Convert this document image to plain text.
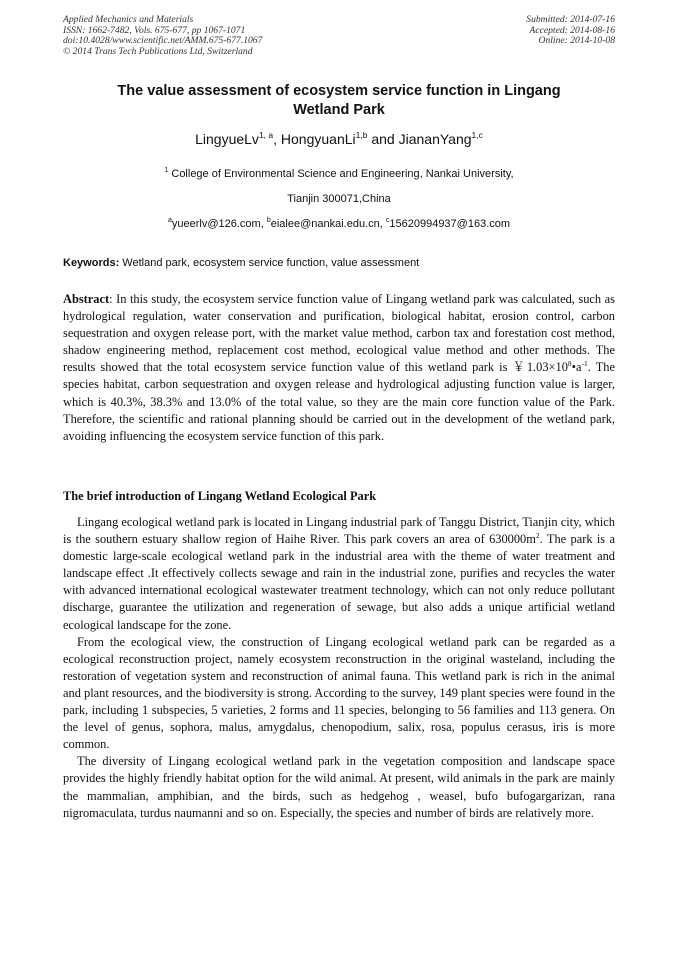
Applied Mechanics and Materials
ISSN: 1662-7482, Vols. 675-677, pp 1067-1071
doi:10.4028/www.scientific.net/AMM.675-677.1067
© 2014 Trans Tech Publications Ltd, Switzerland
Submitted: 2014-07-16
Accepted: 2014-08-16
Online: 2014-10-08
The value assessment of ecosystem service function in Lingang
Wetland Park
LingyueLv$^{1, a}$, HongyuanLi$^{1,b}$ and JiananYang$^{1,c}$
$^1$ College of Environmental Science and Engineering, Nankai University,
Tianjin 300071,China
$^a$yueerlv@126.com, $^b$eialee@nankai.edu.cn, $^c$15620994937@163.com
Keywords: Wetland park, ecosystem service function, value assessment

Abstract: In this study, the ecosystem service function value of Lingang wetland park was calculated, such as hydrological regulation, water conservation and purification, biological habitat, erosion control, carbon sequestration and oxygen release port, with the market value method, carbon tax and forestation cost method, shadow engineering method, replacement cost method, ecological value method and other methods. The results showed that the total ecosystem service function value of this wetland park is ￥$1.03\times 10^8•a^{-1}$. The species habitat, carbon sequestration and oxygen release and hydrological adjusting function value is larger, which is 40.3%, 38.3% and 13.0% of the total value, so they are the main core function value of the Park. Therefore, the scientific and rational planning should be carried out in the development of the wetland park, avoiding influencing the ecosystem service function of this park.

The brief introduction of Lingang Wetland Ecological Park

Lingang ecological wetland park is located in Lingang industrial park of Tanggu District, Tianjin city, which is the southern estuary shallow region of Haihe River. This park covers an area of $630000m^2$. The park is a domestic large-scale ecological wetland park in the industrial area with the theme of water treatment and landscape effect .It effectively collects sewage and rain in the industrial zone, purifies and recycles the water with advanced international ecological wastewater treatment technology, which can not only reduce pollutant discharge, guarantee the utilization and regeneration of sewage, but also adds a unique artificial wetland ecological landscape for the zone.

From the ecological view, the construction of Lingang ecological wetland park can be regarded as a ecological reconstruction project, namely ecosystem reconstruction in the original wasteland, including the restoration of vegetation system and reconstruction of animal fauna. This wetland park is rich in the animal and plant resources, and the biodiversity is strong. According to the survey, 149 plant species were found in the park, including 1 subspecies, 5 varieties, 2 forms and 11 species, belonging to 56 families and 113 genera. On the level of genus, sophora, malus, amygdalus, chenopodium, salix, rosa, populus cerasus, iris is more common.

The diversity of Lingang ecological wetland park in the vegetation composition and landscape space provides the highly friendly habitat option for the wild animal. At present, wild animals in the park are mainly the mammalian, amphibian, and the birds, such as hedgehog , weasel, bufo bufogargarizan, rana nigromaculata, turdus naumanni and so on. Especially, the species and number of birds are relatively more.
